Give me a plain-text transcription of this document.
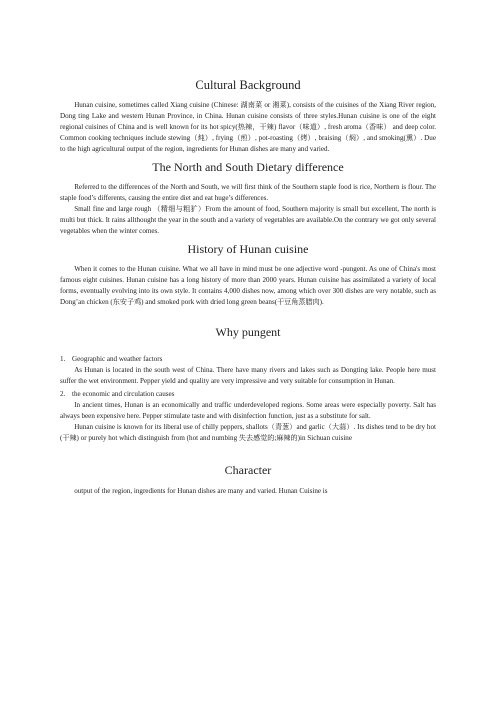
Cultural Background

Hunan cuisine, sometimes called Xiang cuisine (Chinese: 湖南菜 or 湘菜), consists of the cuisines of the Xiang River region, Dong ting Lake and western Hunan Province, in China. Hunan cuisine consists of three styles.Hunan cuisine is one of the eight regional cuisines of China and is well known for its hot spicy(热辣，干辣) flavor（味道）, fresh aroma（香味） and deep color. Common cooking techniques include stewing（炖）, frying（煎）, pot-roasting（烤）, braising（焖）, and smoking(熏）. Due to the high agricultural output of the region, ingredients for Hunan dishes are many and varied.

The North and South Dietary difference

Referred to the differences of the North and South, we will first think of the Southern staple food is rice, Northern is flour. The staple food’s differents, causing the entire diet and eat huge’s differences.

Small fine and large rough （精细与粗犷）From the amount of food, Southern majority is small but excellent, The north is multi but thick. It rains allthought the year in the south and a variety of vegetables are available.On the contrary we got only several vegetables when the winter comes.

History of Hunan cuisine

When it comes to the Hunan cuisine. What we all have in mind must be one adjective word -pungent. As one of China's most famous eight cuisines. Hunan cuisine has a long history of more than 2000 years. Hunan cuisine has assimilated a variety of local forms, eventually evolving into its own style. It contains 4,000 dishes now, among which over 300 dishes are very notable, such as Dong’an chicken (东安子鸡) and smoked pork with dried long green beans(干豆角蒸腊肉).

Why pungent
1. Geographic and weather factors

As Hunan is located in the south west of China. There have many rivers and lakes such as Dongting lake. People here must suffer the wet environment. Pepper yield and quality are very impressive and very suitable for consumption in Hunan.

2. the economic and circulation causes

In ancient times, Hunan is an economically and traffic underdeveloped regions. Some areas were especially poverty. Salt has always been expensive here. Pepper stimulate taste and with disinfection function, just as a substitute for salt.

Hunan cuisine is known for its liberal use of chilly peppers, shallots（青葱）and garlic（大蒜）. Its dishes tend to be dry hot (干辣) or purely hot which distinguish from (hot and numbing 失去感觉的;麻辣的)in Sichuan cuisine

Character

output of the region, ingredients for Hunan dishes are many and varied. Hunan Cuisine is
